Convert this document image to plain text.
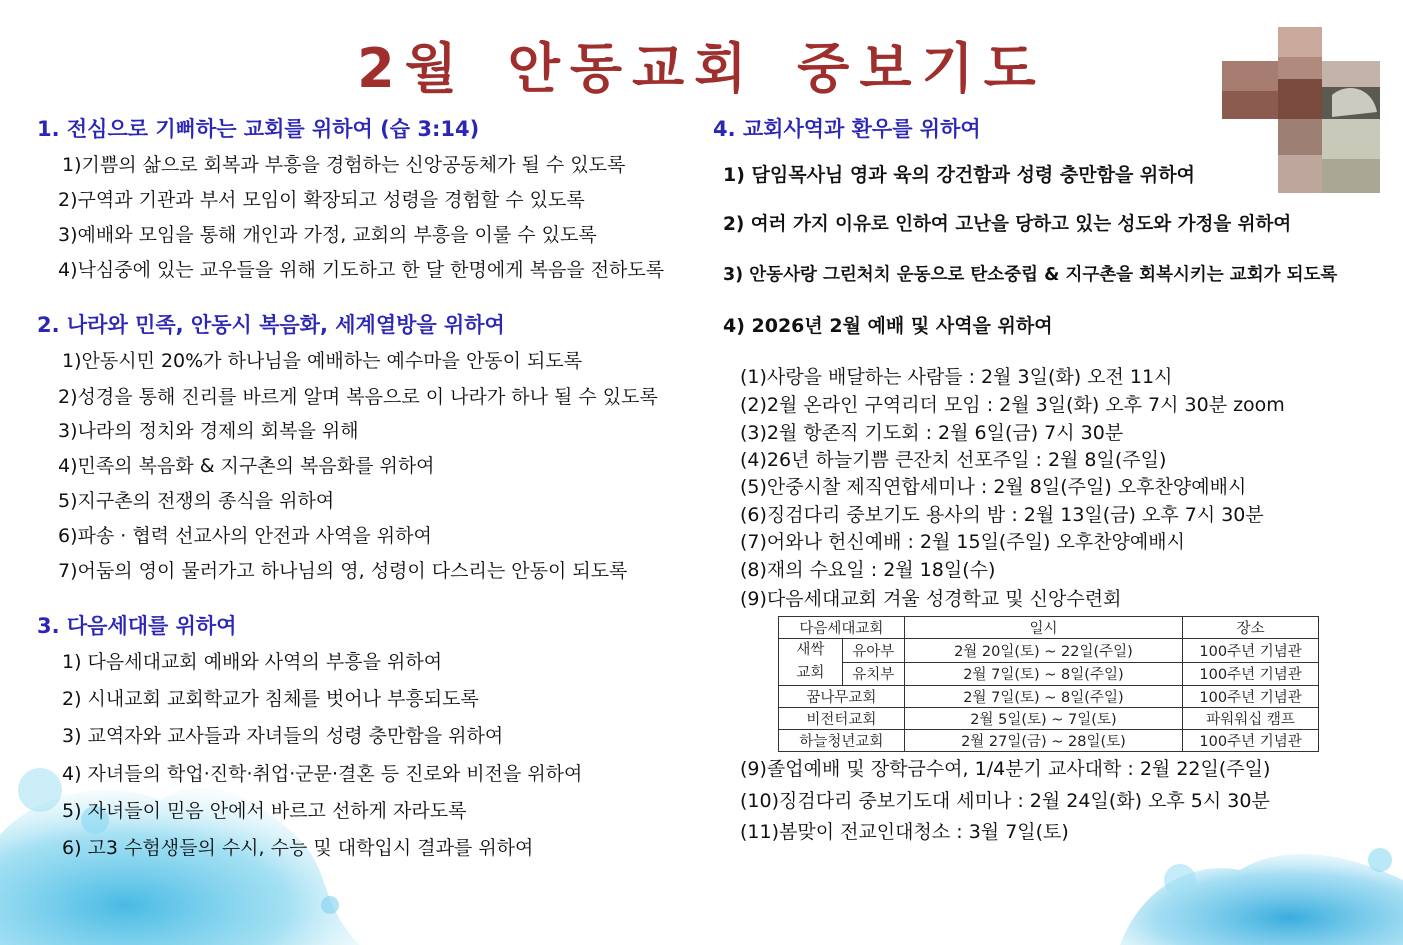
2월 안동교회 중보기도
1. 전심으로 기뻐하는 교회를 위하여 (습 3:14)
1)기쁨의 삶으로 회복과 부흥을 경험하는 신앙공동체가 될 수 있도록
2)구역과 기관과 부서 모임이 확장되고 성령을 경험할 수 있도록
3)예배와 모임을 통해 개인과 가정, 교회의 부흥을 이룰 수 있도록
4)낙심중에 있는 교우들을 위해 기도하고 한 달 한명에게 복음을 전하도록
2. 나라와 민족, 안동시 복음화, 세계열방을 위하여
1)안동시민 20%가 하나님을 예배하는 예수마을 안동이 되도록
2)성경을 통해 진리를 바르게 알며 복음으로 이 나라가 하나 될 수 있도록
3)나라의 정치와 경제의 회복을 위해
4)민족의 복음화 & 지구촌의 복음화를 위하여
5)지구촌의 전쟁의 종식을 위하여
6)파송 · 협력 선교사의 안전과 사역을 위하여
7)어둠의 영이 물러가고 하나님의 영, 성령이 다스리는 안동이 되도록
3. 다음세대를 위하여
1) 다음세대교회 예배와 사역의 부흥을 위하여
2) 시내교회 교회학교가 침체를 벗어나 부흥되도록
3) 교역자와 교사들과 자녀들의 성령 충만함을 위하여
4) 자녀들의 학업·진학·취업·군문·결혼 등 진로와 비전을 위하여
5) 자녀들이 믿음 안에서 바르고 선하게 자라도록
6) 고3 수험생들의 수시, 수능 및 대학입시 결과를 위하여
4. 교회사역과 환우를 위하여
1) 담임목사님 영과 육의 강건함과 성령 충만함을 위하여
2) 여러 가지 이유로 인하여 고난을 당하고 있는 성도와 가정을 위하여
3) 안동사랑 그린처치 운동으로 탄소중립 & 지구촌을 회복시키는 교회가 되도록
4) 2026년 2월 예배 및 사역을 위하여
(1)사랑을 배달하는 사람들 : 2월 3일(화) 오전 11시
(2)2월 온라인 구역리더 모임 : 2월 3일(화) 오후 7시 30분 zoom
(3)2월 항존직 기도회 : 2월 6일(금) 7시 30분
(4)26년 하늘기쁨 큰잔치 선포주일 : 2월 8일(주일)
(5)안중시찰 제직연합세미나 : 2월 8일(주일) 오후찬양예배시
(6)징검다리 중보기도 용사의 밤 : 2월 13일(금) 오후 7시 30분
(7)어와나 헌신예배 : 2월 15일(주일) 오후찬양예배시
(8)재의 수요일 : 2월 18일(수)
(9)다음세대교회 겨울 성경학교 및 신앙수련회
다음세대교회		일시	장소

새싹
교회	유아부	2월 20일(토) ~ 22일(주일)	100주년 기념관
	유치부	2월 7일(토) ~ 8일(주일)	100주년 기념관
꿈나무교회		2월 7일(토) ~ 8일(주일)	100주년 기념관
비전터교회		2월 5일(토) ~ 7일(토)	파워워십 캠프
하늘청년교회		2월 27일(금) ~ 28일(토)	100주년 기념관
(9)졸업예배 및 장학금수여, 1/4분기 교사대학 : 2월 22일(주일)
(10)징검다리 중보기도대 세미나 : 2월 24일(화) 오후 5시 30분
(11)봄맞이 전교인대청소 : 3월 7일(토)
